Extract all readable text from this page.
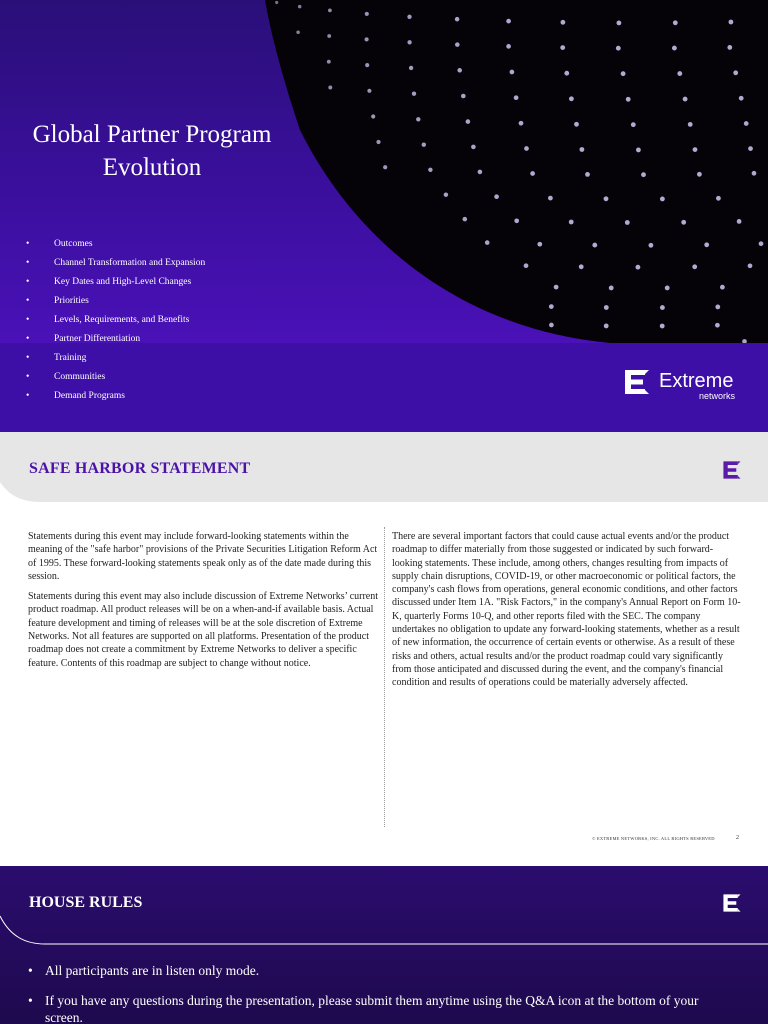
Global Partner Program
Evolution
•	Outcomes
•	Channel Transformation and Expansion
•	Key Dates and High-Level Changes
•	Priorities
•	Levels, Requirements, and Benefits
•	Partner Differentiation
•	Training
•	Communities
•	Demand Programs
Extreme
networks
SAFE HARBOR STATEMENT

Statements during this event may include forward-looking statements within the meaning of the "safe harbor" provisions of the Private Securities Litigation Reform Act of 1995. These forward-looking statements speak only as of the date made during this session.

Statements during this event may also include discussion of Extreme Networks’ current product roadmap. All product releases will be on a when-and-if available basis. Actual feature development and timing of releases will be at the sole discretion of Extreme Networks. Not all features are supported on all platforms. Presentation of the product roadmap does not create a commitment by Extreme Networks to deliver a specific feature. Contents of this roadmap are subject to change without notice.

There are several important factors that could cause actual events and/or the product roadmap to differ materially from those suggested or indicated by such forward-looking statements. These include, among others, changes resulting from impacts of supply chain disruptions, COVID-19, or other macroeconomic or political factors, the company's cash flows from operations, general economic conditions, and other factors discussed under Item 1A. "Risk Factors," in the company's Annual Report on Form 10-K, quarterly Forms 10-Q, and other reports filed with the SEC. The company undertakes no obligation to update any forward-looking statements, whether as a result of new information, the occurrence of certain events or otherwise. As a result of these risks and others, actual results and/or the product roadmap could vary significantly from those anticipated and discussed during the event, and the company's financial condition and results of operations could be materially adversely affected.

© EXTREME NETWORKS, INC. ALL RIGHTS RESERVED	2
HOUSE RULES
• All participants are in listen only mode.
• If you have any questions during the presentation, please submit them anytime using the Q&A icon at the bottom of your screen.
